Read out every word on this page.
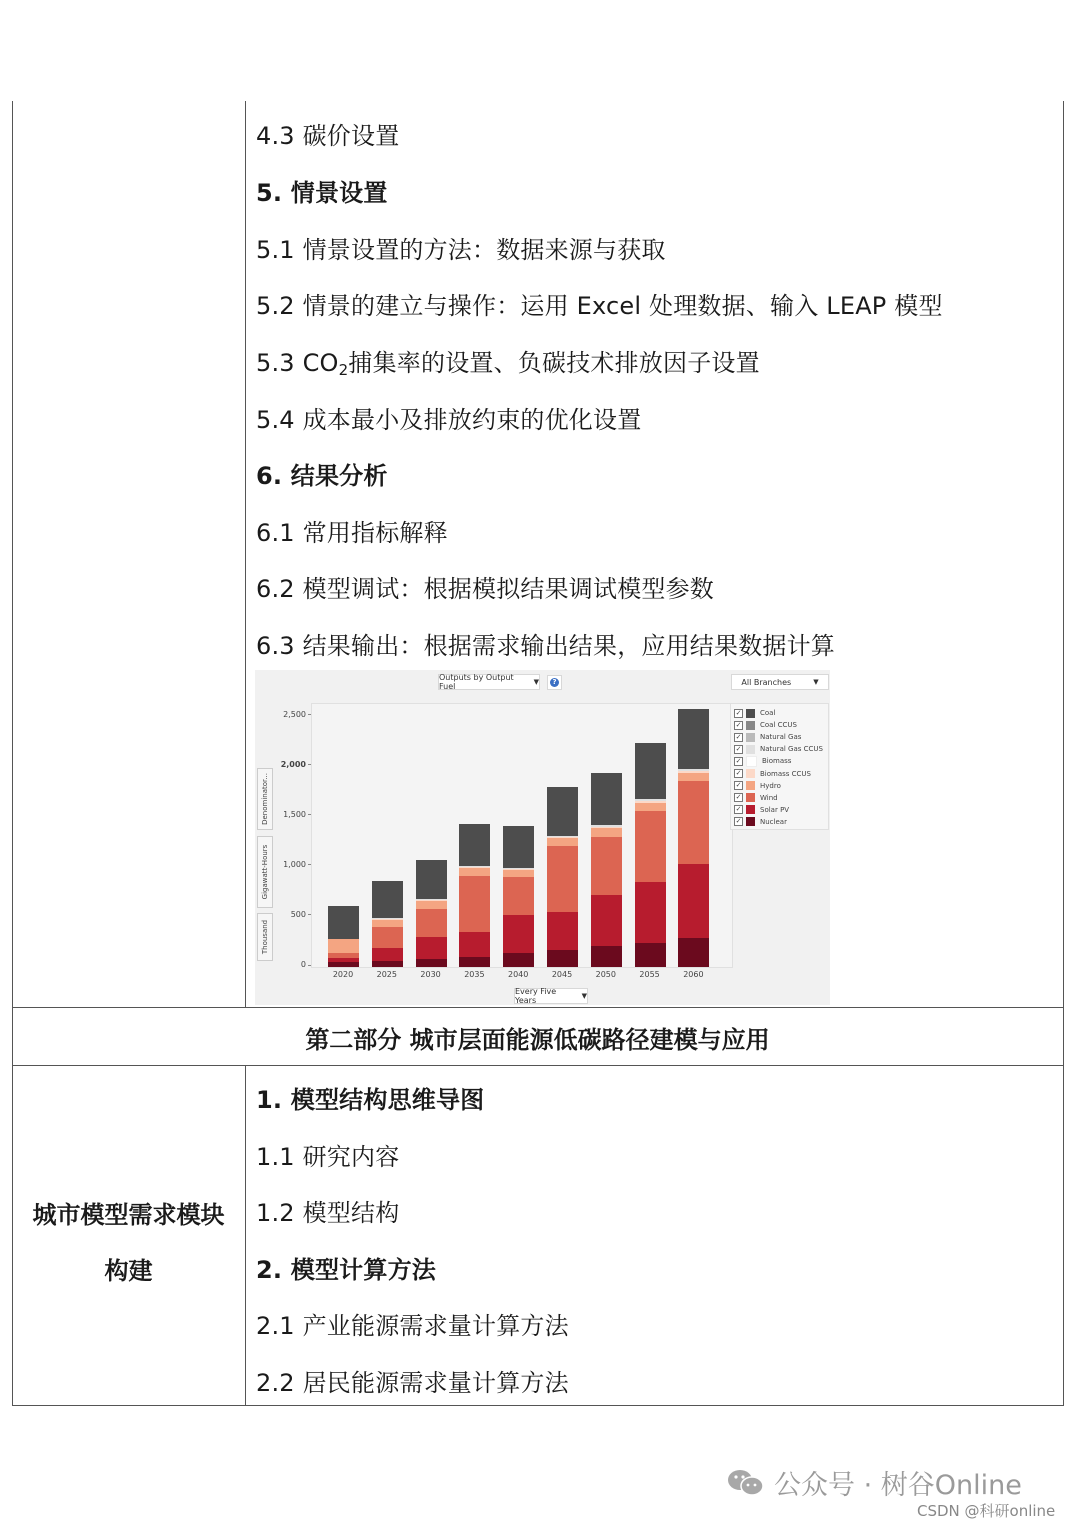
4.3 碳价设置
5. 情景设置
5.1 情景设置的方法：数据来源与获取
5.2 情景的建立与操作：运用 Excel 处理数据、输入 LEAP 模型
5.3 $CO_2$捕集率的设置、负碳技术排放因子设置
5.4 成本最小及排放约束的优化设置
6. 结果分析
6.1 常用指标解释
6.2 模型调试：根据模拟结果调试模型参数
6.3 结果输出：根据需求输出结果，应用结果数据计算
Outputs by Output Fuel	▼	?	All Branches	▼
Denominator...
Gigawatt-Hours
Thousand
2,500
2,000
1,500
1,000
500
0
2020	2025	2030	2035	2040	2045	2050	2055	2060
✓	Coal
✓	Coal CCUS
✓	Natural Gas
✓	Natural Gas CCUS
✓	Biomass
✓	Biomass CCUS
✓	Hydro
✓	Wind
✓	Solar PV
✓	Nuclear
Every Five Years	▼
第二部分 城市层面能源低碳路径建模与应用
城市模型需求模块
构建
1. 模型结构思维导图
1.1 研究内容
1.2 模型结构
2. 模型计算方法
2.1 产业能源需求量计算方法
2.2 居民能源需求量计算方法
公众号 · 树谷Online
CSDN @科研online
